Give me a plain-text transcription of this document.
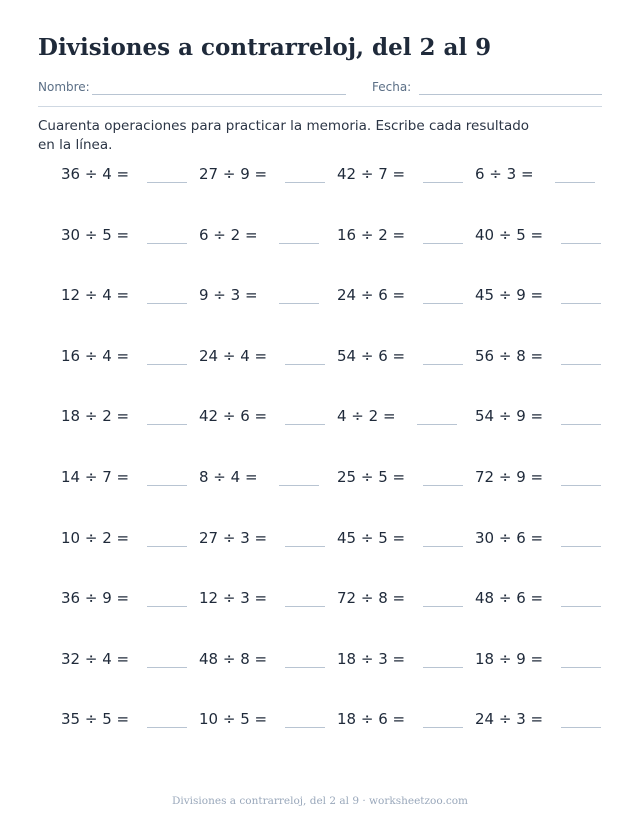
Divisiones a contrarreloj, del 2 al 9
Nombre:	Fecha:
Cuarenta operaciones para practicar la memoria. Escribe cada resultado en la línea.
36 ÷ 4 =	27 ÷ 9 =	42 ÷ 7 =	6 ÷ 3 =
30 ÷ 5 =	6 ÷ 2 =	16 ÷ 2 =	40 ÷ 5 =
12 ÷ 4 =	9 ÷ 3 =	24 ÷ 6 =	45 ÷ 9 =
16 ÷ 4 =	24 ÷ 4 =	54 ÷ 6 =	56 ÷ 8 =
18 ÷ 2 =	42 ÷ 6 =	4 ÷ 2 =	54 ÷ 9 =
14 ÷ 7 =	8 ÷ 4 =	25 ÷ 5 =	72 ÷ 9 =
10 ÷ 2 =	27 ÷ 3 =	45 ÷ 5 =	30 ÷ 6 =
36 ÷ 9 =	12 ÷ 3 =	72 ÷ 8 =	48 ÷ 6 =
32 ÷ 4 =	48 ÷ 8 =	18 ÷ 3 =	18 ÷ 9 =
35 ÷ 5 =	10 ÷ 5 =	18 ÷ 6 =	24 ÷ 3 =
Divisiones a contrarreloj, del 2 al 9 · worksheetzoo.com
